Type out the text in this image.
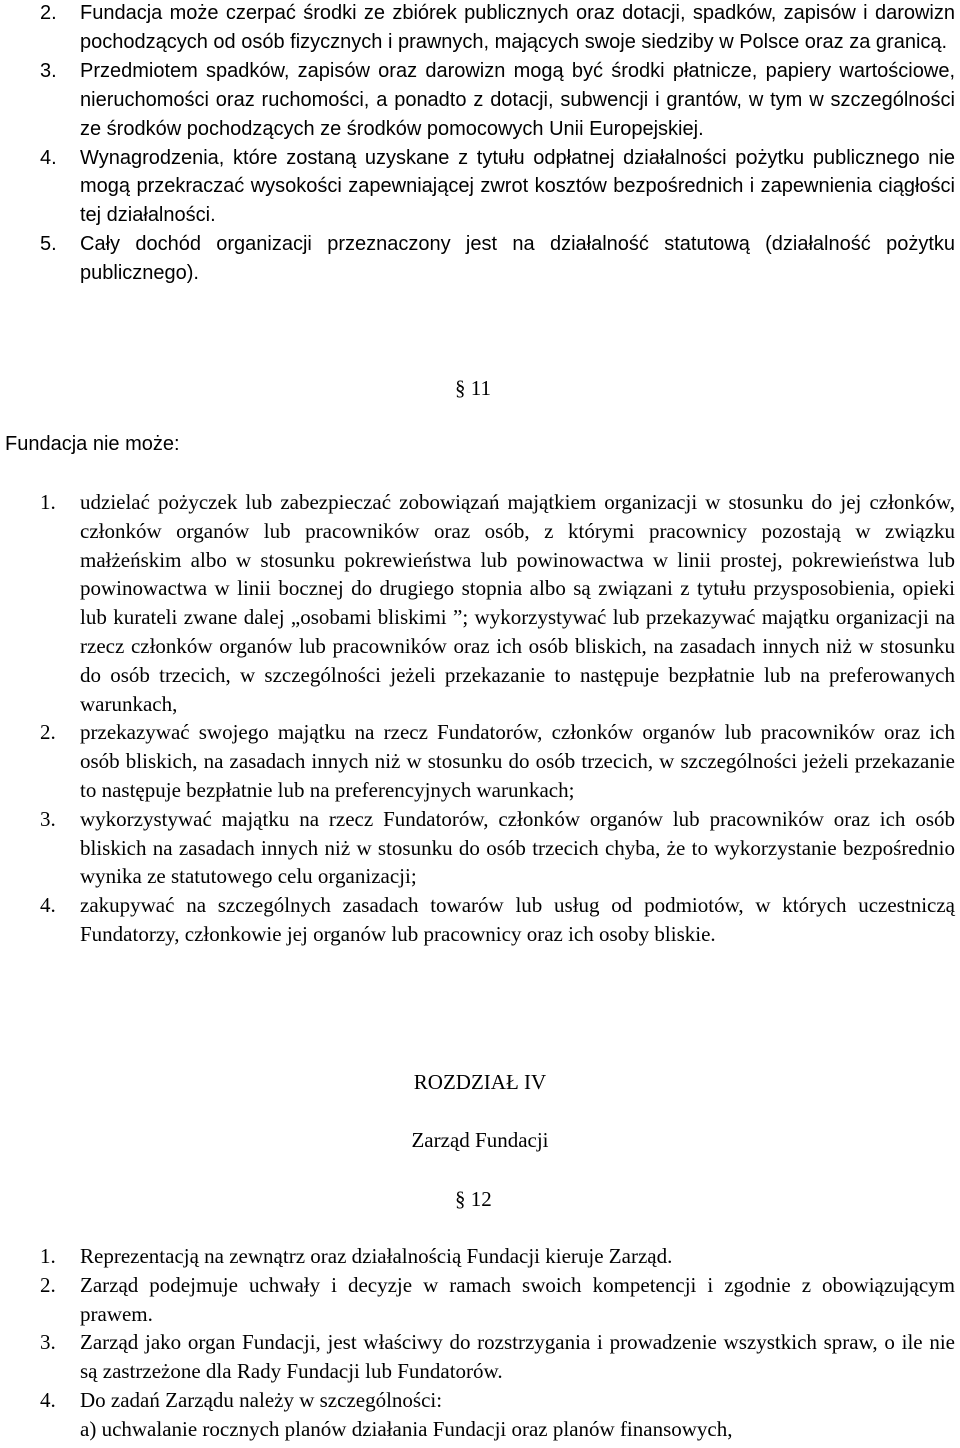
2. Fundacja może czerpać środki ze zbiórek publicznych oraz dotacji, spadków, zapisów i darowizn pochodzących od osób fizycznych i prawnych, mających swoje siedziby w Polsce oraz za granicą.
3. Przedmiotem spadków, zapisów oraz darowizn mogą być środki płatnicze, papiery wartościowe, nieruchomości oraz ruchomości, a ponadto z dotacji, subwencji i grantów, w tym w szczególności ze środków pochodzących ze środków pomocowych Unii Europejskiej.
4. Wynagrodzenia, które zostaną uzyskane z tytułu odpłatnej działalności pożytku publicznego nie mogą przekraczać wysokości zapewniającej zwrot kosztów bezpośrednich i zapewnienia ciągłości tej działalności.
5. Cały dochód organizacji przeznaczony jest na działalność statutową (działalność pożytku publicznego).
§ 11
Fundacja nie może:
1. udzielać pożyczek lub zabezpieczać zobowiązań majątkiem organizacji w stosunku do jej członków, członków organów lub pracowników oraz osób, z którymi pracownicy pozostają w związku małżeńskim albo w stosunku pokrewieństwa lub powinowactwa w linii prostej, pokrewieństwa lub powinowactwa w linii bocznej do drugiego stopnia albo są związani z tytułu przysposobienia, opieki lub kurateli zwane dalej „osobami bliskimi ”; wykorzystywać lub przekazywać majątku organizacji na rzecz członków organów lub pracowników oraz ich osób bliskich, na zasadach innych niż w stosunku do osób trzecich, w szczególności jeżeli przekazanie to następuje bezpłatnie lub na preferowanych warunkach,
2. przekazywać swojego majątku na rzecz Fundatorów, członków organów lub pracowników oraz ich osób bliskich, na zasadach innych niż w stosunku do osób trzecich, w szczególności jeżeli przekazanie to następuje bezpłatnie lub na preferencyjnych warunkach;
3. wykorzystywać majątku na rzecz Fundatorów, członków organów lub pracowników oraz ich osób bliskich na zasadach innych niż w stosunku do osób trzecich chyba, że to wykorzystanie bezpośrednio wynika ze statutowego celu organizacji;
4. zakupywać na szczególnych zasadach towarów lub usług od podmiotów, w których uczestniczą Fundatorzy, członkowie jej organów lub pracownicy oraz ich osoby bliskie.
ROZDZIAŁ IV
Zarząd Fundacji
§ 12
1. Reprezentacją na zewnątrz oraz działalnością Fundacji kieruje Zarząd.
2. Zarząd podejmuje uchwały i decyzje w ramach swoich kompetencji i zgodnie z obowiązującym prawem.
3. Zarząd jako organ Fundacji, jest właściwy do rozstrzygania i prowadzenie wszystkich spraw, o ile nie są zastrzeżone dla Rady Fundacji lub Fundatorów.
4. Do zadań Zarządu należy w szczególności:
a) uchwalanie rocznych planów działania Fundacji oraz planów finansowych,
